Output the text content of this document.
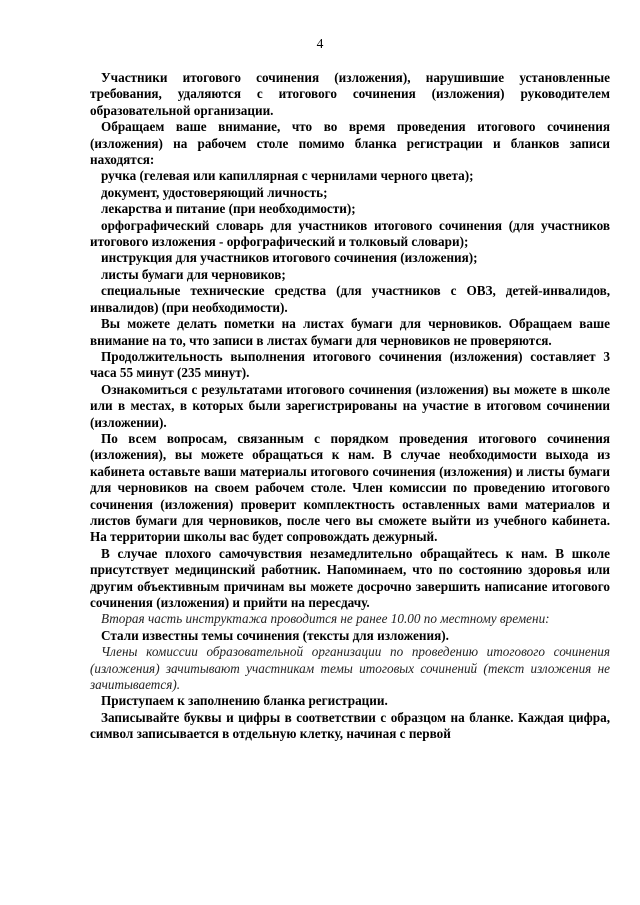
4

Участники итогового сочинения (изложения), нарушившие установленные требования, удаляются с итогового сочинения (изложения) руководителем образовательной организации.

Обращаем ваше внимание, что во время проведения итогового сочинения (изложения) на рабочем столе помимо бланка регистрации и бланков записи находятся:

ручка (гелевая или капиллярная с чернилами черного цвета);

документ, удостоверяющий личность;

лекарства и питание (при необходимости);

орфографический словарь для участников итогового сочинения (для участников итогового изложения - орфографический и толковый словари);

инструкция для участников итогового сочинения (изложения);

листы бумаги для черновиков;

специальные технические средства (для участников с ОВЗ, детей-инвалидов, инвалидов) (при необходимости).

Вы можете делать пометки на листах бумаги для черновиков. Обращаем ваше внимание на то, что записи в листах бумаги для черновиков не проверяются.

Продолжительность выполнения итогового сочинения (изложения) составляет 3 часа 55 минут (235 минут).

Ознакомиться с результатами итогового сочинения (изложения) вы можете в школе или в местах, в которых были зарегистрированы на участие в итоговом сочинении (изложении).

По всем вопросам, связанным с порядком проведения итогового сочинения (изложения), вы можете обращаться к нам. В случае необходимости выхода из кабинета оставьте ваши материалы итогового сочинения (изложения) и листы бумаги для черновиков на своем рабочем столе. Член комиссии по проведению итогового сочинения (изложения) проверит комплектность оставленных вами материалов и листов бумаги для черновиков, после чего вы сможете выйти из учебного кабинета. На территории школы вас будет сопровождать дежурный.

В случае плохого самочувствия незамедлительно обращайтесь к нам. В школе присутствует медицинский работник. Напоминаем, что по состоянию здоровья или другим объективным причинам вы можете досрочно завершить написание итогового сочинения (изложения) и прийти на пересдачу.

Вторая часть инструктажа проводится не ранее 10.00 по местному времени:

Стали известны темы сочинения (тексты для изложения).

Члены комиссии образовательной организации по проведению итогового сочинения (изложения) зачитывают участникам темы итоговых сочинений (текст изложения не зачитывается).

Приступаем к заполнению бланка регистрации.

Записывайте буквы и цифры в соответствии с образцом на бланке. Каждая цифра, символ записывается в отдельную клетку, начиная с первой
